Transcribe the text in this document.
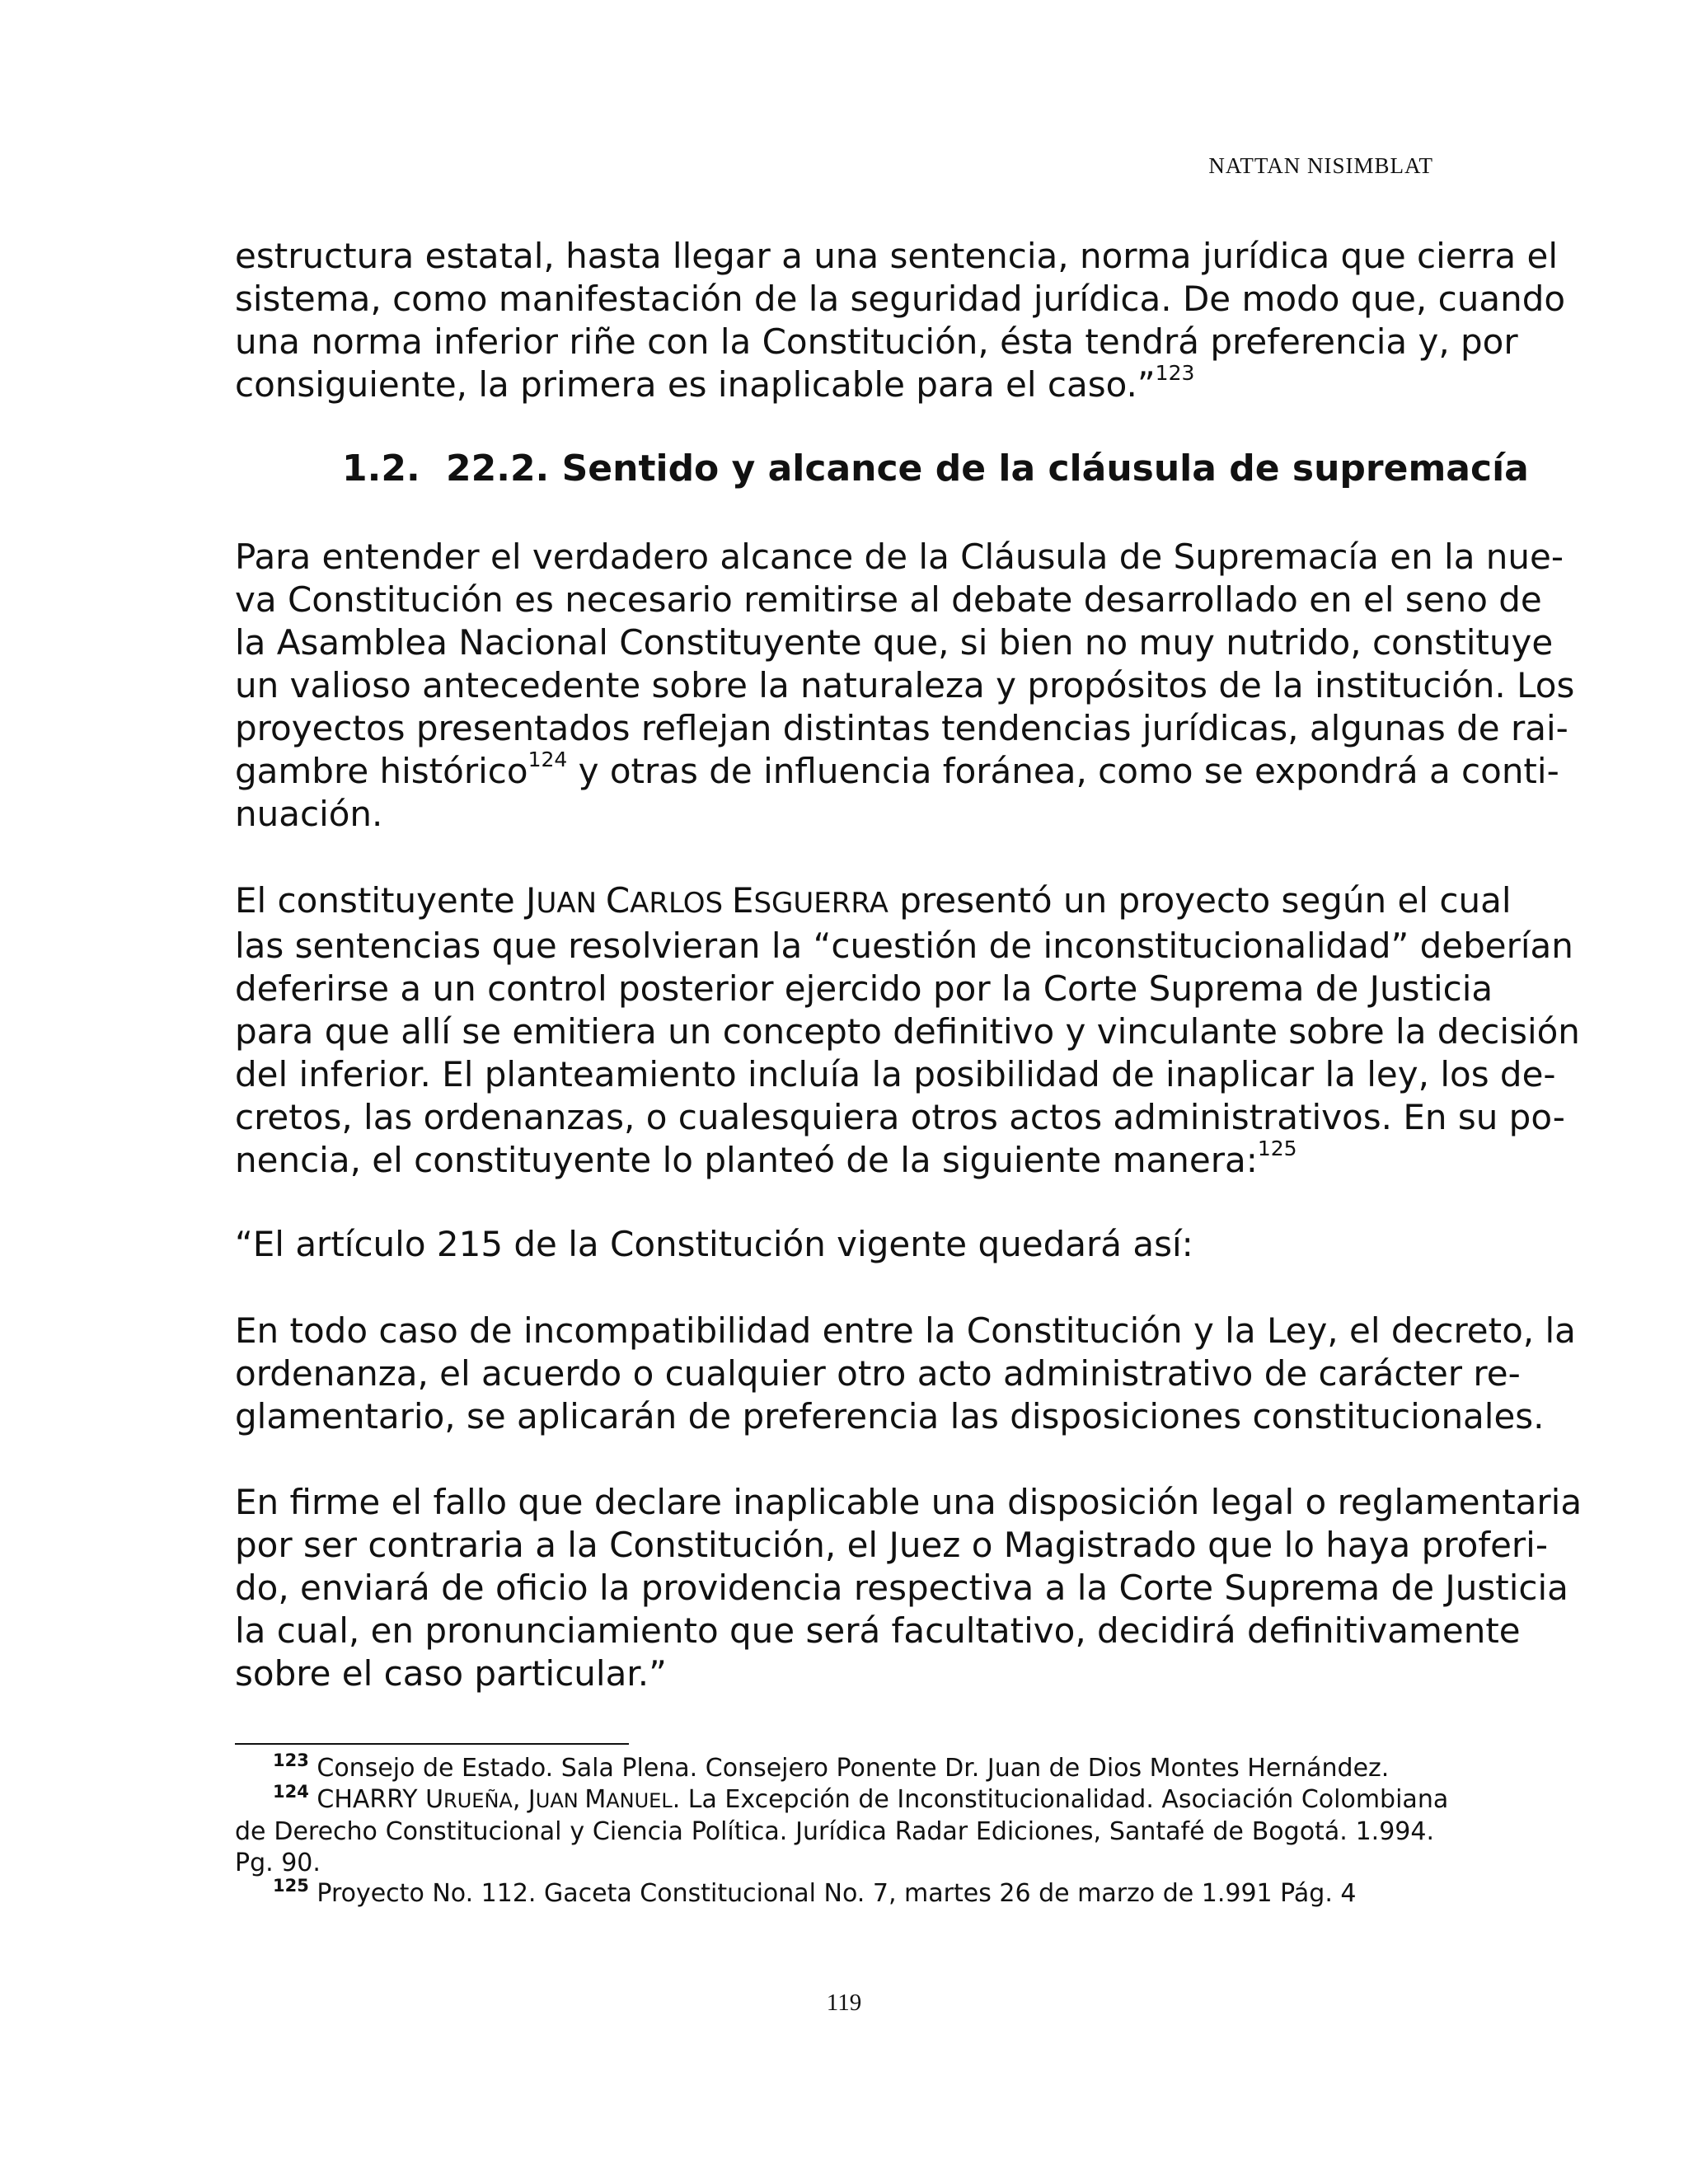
NATTAN NISIMBLAT
estructura estatal, hasta llegar a una sentencia, norma jurídica que cierra el
sistema, como manifestación de la seguridad jurídica. De modo que, cuando
una norma inferior riñe con la Constitución, ésta tendrá preferencia y, por
consiguiente, la primera es inaplicable para el caso.”$^{123}$
1.2. 22.2. Sentido y alcance de la cláusula de supremacía
Para entender el verdadero alcance de la Cláusula de Supremacía en la nue-
va Constitución es necesario remitirse al debate desarrollado en el seno de
la Asamblea Nacional Constituyente que, si bien no muy nutrido, constituye
un valioso antecedente sobre la naturaleza y propósitos de la institución. Los
proyectos presentados reflejan distintas tendencias jurídicas, algunas de rai-
gambre histórico$^{124}$ y otras de influencia foránea, como se expondrá a conti-
nuación.
El constituyente JUAN CARLOS ESGUERRA presentó un proyecto según el cual
las sentencias que resolvieran la “cuestión de inconstitucionalidad” deberían
deferirse a un control posterior ejercido por la Corte Suprema de Justicia
para que allí se emitiera un concepto definitivo y vinculante sobre la decisión
del inferior. El planteamiento incluía la posibilidad de inaplicar la ley, los de-
cretos, las ordenanzas, o cualesquiera otros actos administrativos. En su po-
nencia, el constituyente lo planteó de la siguiente manera:$^{125}$
“El artículo 215 de la Constitución vigente quedará así:
En todo caso de incompatibilidad entre la Constitución y la Ley, el decreto, la
ordenanza, el acuerdo o cualquier otro acto administrativo de carácter re-
glamentario, se aplicarán de preferencia las disposiciones constitucionales.
En firme el fallo que declare inaplicable una disposición legal o reglamentaria
por ser contraria a la Constitución, el Juez o Magistrado que lo haya proferi-
do, enviará de oficio la providencia respectiva a la Corte Suprema de Justicia
la cual, en pronunciamiento que será facultativo, decidirá definitivamente
sobre el caso particular.”
$^{123}$ Consejo de Estado. Sala Plena. Consejero Ponente Dr. Juan de Dios Montes Hernández.
$^{124}$ CHARRY URUEÑA, JUAN MANUEL. La Excepción de Inconstitucionalidad. Asociación Colombiana
de Derecho Constitucional y Ciencia Política. Jurídica Radar Ediciones, Santafé de Bogotá. 1.994.
Pg. 90.
$^{125}$ Proyecto No. 112. Gaceta Constitucional No. 7, martes 26 de marzo de 1.991 Pág. 4
119
